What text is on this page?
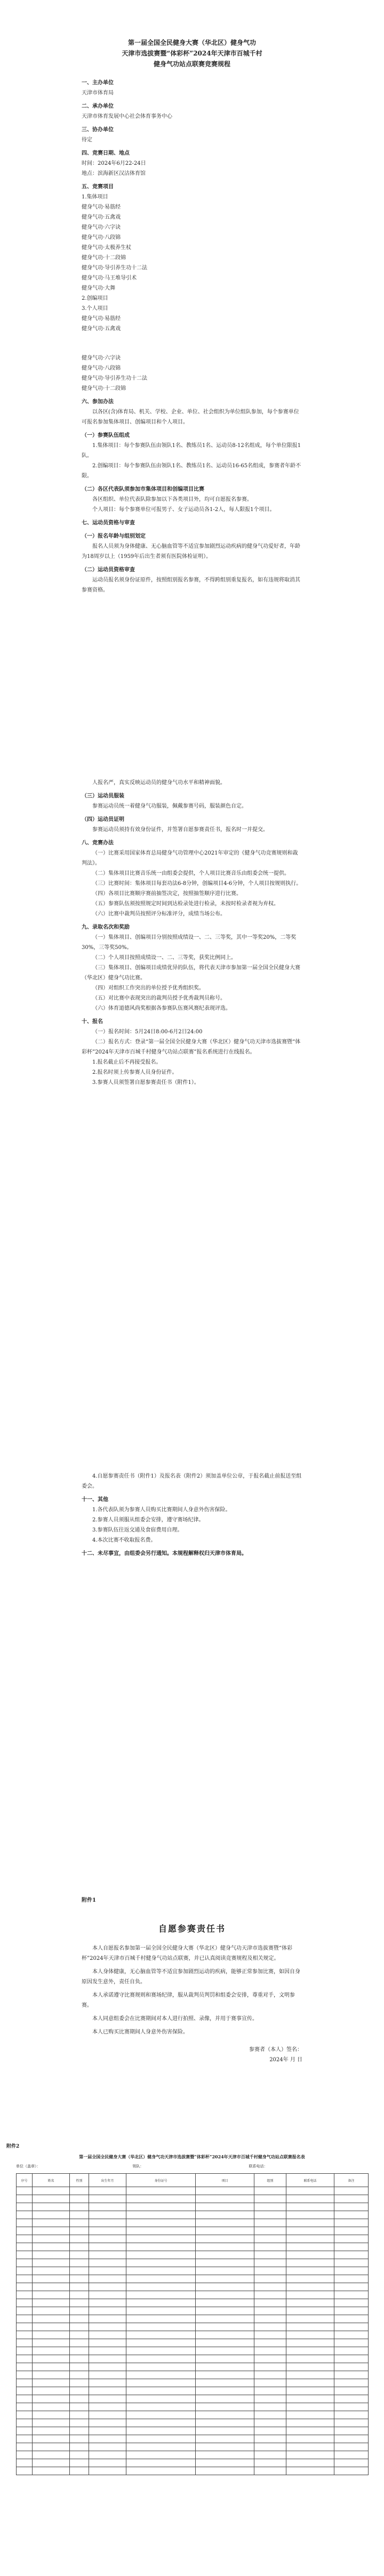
第一届全国全民健身大赛（华北区）健身气功
天津市选拔赛暨“体彩杯”2024年天津市百城千村
健身气功站点联赛竞赛规程
一、主办单位
天津市体育局
二、承办单位
天津市体育发展中心社会体育事务中心
三、协办单位
待定
四、竞赛日期、地点
时间：2024年6月22-24日
地点：滨海新区汉沽体育馆
五、竞赛项目
1.集体项目
健身气功·易筋经
健身气功·五禽戏
健身气功·六字诀
健身气功·八段锦
健身气功·太极养生杖
健身气功·十二段锦
健身气功·导引养生功十二法
健身气功·马王堆导引术
健身气功·大舞
2.创编项目
3.个人项目
健身气功·易筋经
健身气功·五禽戏
健身气功·六字诀
健身气功·八段锦
健身气功·导引养生功十二法
健身气功·十二段锦
六、参加办法
以各区(含)体育局、机关、学校、企业、单位、社会组织为单位组队参加，每个参赛单位可报名参加集体项目、创编项目和个人项目。
（一）参赛队伍组成
1.集体项目：每个参赛队伍由领队1名、教练员1名、运动员8-12名组成，每个单位限报1队。
2.创编项目：每个参赛队伍由领队1名、教练员1名、运动员16-65名组成，参赛者年龄不限。
（二）各区代表队须参加市集体项目和创编项目比赛
各区组织、单位代表队除参加以下各类项目外，均可自愿报名参赛。
个人项目：每个参赛单位可报男子、女子运动员各1-2人，每人限报1个项目。
七、运动员资格与审查
（一）报名年龄与组别划定
报名人员须为身体健康、无心脑血管等不适宜参加剧烈运动疾病的健身气功爱好者，年龄为18周岁以上（1959年后出生者须有医院体检证明）。
（二）运动员资格审查
运动员报名须身份证原件，按照组别报名参赛，不得跨组别重复报名，如有违规将取消其参赛资格。
人报名严，真实反映运动员的健身气功水平和精神面貌。
（三）运动员服装
参赛运动员统一着健身气功服装，佩戴参赛号码，服装颜色自定。
（四）运动员证明
参赛运动员须持有效身份证件，并签署自愿参赛责任书，报名时一并提交。
八、竞赛办法
（一）比赛采用国家体育总局健身气功管理中心2021年审定的《健身气功竞赛规则和裁判法》。
（二）集体项目比赛音乐统一由组委会提供，个人项目比赛音乐由组委会统一提供。
（三）比赛时间：集体项目每套功法6-8分钟，创编项目4-6分钟，个人项目按规则执行。
（四）各项目比赛顺序赛前抽签决定，按照抽签顺序进行比赛。
（五）参赛队伍须按照规定时间到达检录处进行检录，未按时检录者视为弃权。
（六）比赛中裁判员按照评分标准评分，成绩当场公布。
九、录取名次和奖励
（一）集体项目、创编项目分别按照成绩设一、二、三等奖，其中一等奖20%，二等奖30%，三等奖50%。
（二）个人项目按照成绩设一、二、三等奖，获奖比例同上。
（三）集体项目、创编项目成绩优异的队伍，将代表天津市参加第一届全国全民健身大赛（华北区）健身气功比赛。
（四）对组织工作突出的单位授予优秀组织奖。
（五）对比赛中表现突出的裁判员授予优秀裁判员称号。
（六）体育道德风尚奖根据各参赛队伍赛风赛纪表现评选。
十、报名
（一）报名时间：5月24日8:00-6月2日24:00
（二）报名方式：登录“第一届全国全民健身大赛（华北区）健身气功天津市选拔赛暨“体彩杯”2024年天津市百城千村健身气功站点联赛”报名系统进行在线报名。
1.报名截止后不再接受报名。
2.报名时须上传参赛人员身份证件。
3.参赛人员须签署自愿参赛责任书（附件1）。
4.自愿参赛责任书（附件1）及报名表（附件2）须加盖单位公章，于报名截止前报送至组委会。
十一、其他
1.各代表队须为参赛人员购买比赛期间人身意外伤害保险。
2.参赛人员须服从组委会安排，遵守赛场纪律。
3.参赛队伍往返交通及食宿费用自理。
4.本次比赛不收取报名费。
十二、未尽事宜，由组委会另行通知。本规程解释权归天津市体育局。
附件1
自愿参赛责任书

本人自愿报名参加第一届全国全民健身大赛（华北区）健身气功天津市选拔赛暨“体彩杯”2024年天津市百城千村健身气功站点联赛，并已认真阅读竞赛规程及相关规定。

本人身体健康，无心脑血管等不适宜参加剧烈运动的疾病，能够正常参加比赛，如因自身原因发生意外，责任自负。

本人承诺遵守比赛规则和赛场纪律，服从裁判员判罚和组委会安排，尊重对手，文明参赛。

本人同意组委会在比赛期间对本人进行拍照、录像，并用于赛事宣传。

本人已购买比赛期间人身意外伤害保险。

参赛者（本人）签名：
2024年 月 日
附件2
第一届全国全民健身大赛（华北区）健身气功天津市选拔赛暨“体彩杯”2024年天津市百城千村健身气功站点联赛报名表
单位（盖章）：	领队：	联系电话：
序号	姓名	性别	出生年月	身份证号	项目	组别	联系电话	备注
